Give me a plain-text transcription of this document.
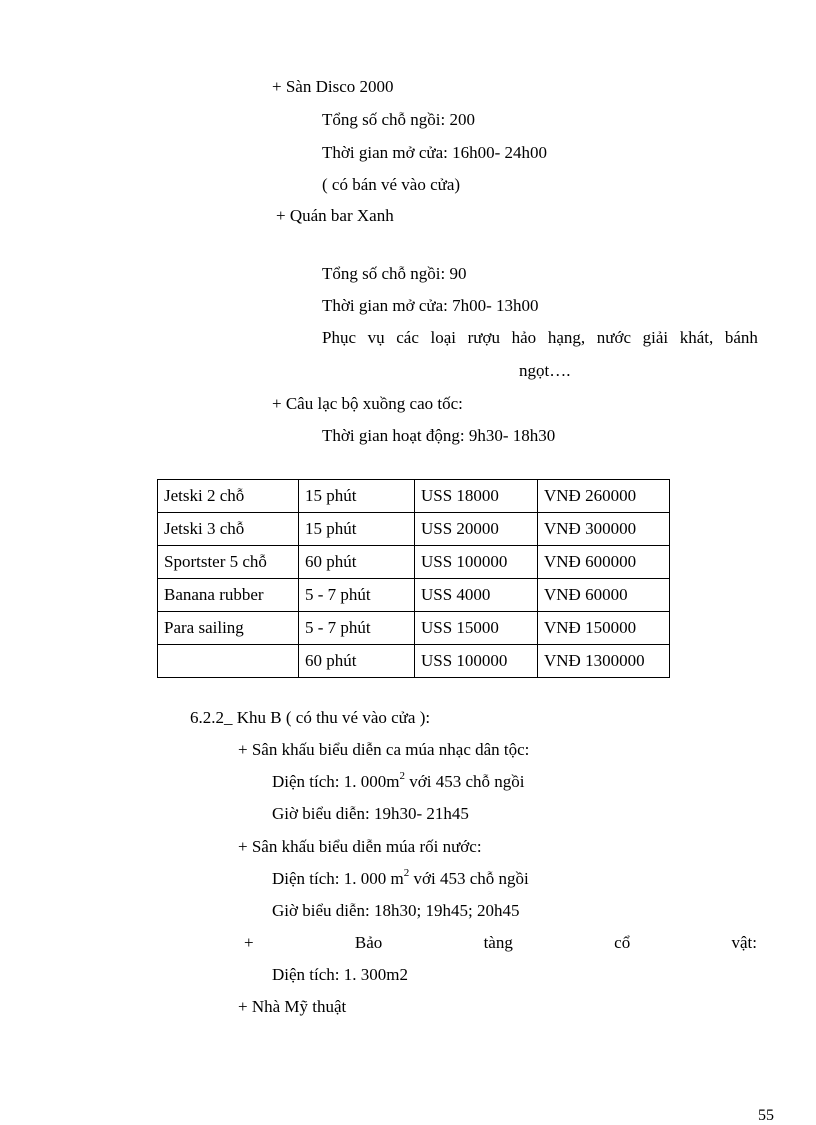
+ Sàn Disco 2000
Tổng số chỗ ngồi: 200
Thời gian mở cửa: 16h00- 24h00
( có bán vé vào cửa)
+ Quán bar Xanh
Tổng số chỗ ngồi: 90
Thời gian mở cửa: 7h00- 13h00
Phục vụ các loại rượu hảo hạng, nước giải khát, bánh
ngọt….
+ Câu lạc bộ xuồng cao tốc:
Thời gian hoạt động: 9h30- 18h30
Jetski 2 chỗ	15 phút	USS 18000	VNĐ 260000
Jetski 3 chỗ	15 phút	USS 20000	VNĐ 300000
Sportster 5 chỗ	60 phút	USS 100000	VNĐ 600000
Banana rubber	5 - 7 phút	USS 4000	VNĐ 60000
Para sailing	5 - 7 phút	USS 15000	VNĐ 150000
	60 phút	USS 100000	VNĐ 1300000
6.2.2_ Khu B ( có thu vé vào cửa ):
+ Sân khấu biểu diễn ca múa nhạc dân tộc:
Diện tích: 1. $000m^2$ với 453 chỗ ngồi
Giờ biểu diễn: 19h30- 21h45
+ Sân khấu biểu diễn múa rối nước:
Diện tích: 1. 000 $m^2$ với 453 chỗ ngồi
Giờ biểu diễn: 18h30; 19h45; 20h45
+	Bảo	tàng	cổ	vật:
Diện tích: 1. 300m2
+ Nhà Mỹ thuật
55
